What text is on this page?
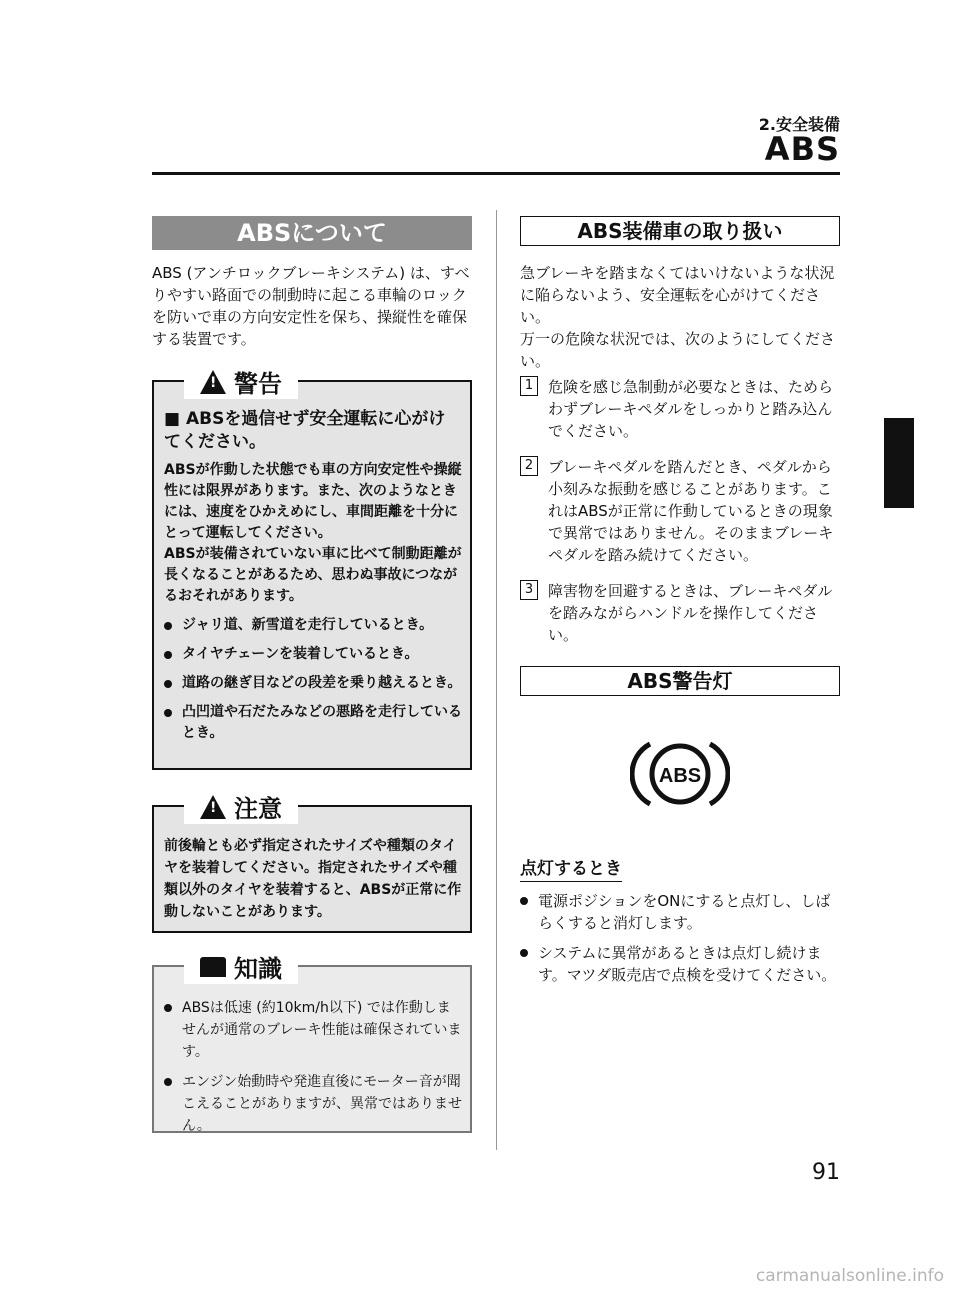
2.安全装備
ABS
ABSについて
ABS (アンチロックブレーキシステム) は、すべりやすい路面での制動時に起こる車輪のロックを防いで車の方向安定性を保ち、操縦性を確保する装置です。
!
警告
■ ABSを過信せず安全運転に心がけてください。
ABSが作動した状態でも車の方向安定性や操縦性には限界があります。また、次のようなときには、速度をひかえめにし、車間距離を十分にとって運転してください。
ABSが装備されていない車に比べて制動距離が長くなることがあるため、思わぬ事故につながるおそれがあります。
ジャリ道、新雪道を走行しているとき。
タイヤチェーンを装着しているとき。
道路の継ぎ目などの段差を乗り越えるとき。
凸凹道や石だたみなどの悪路を走行しているとき。
!
注意
前後輪とも必ず指定されたサイズや種類のタイヤを装着してください。指定されたサイズや種類以外のタイヤを装着すると、ABSが正常に作動しないことがあります。
知識
ABSは低速 (約10km/h以下) では作動しませんが通常のブレーキ性能は確保されています。
エンジン始動時や発進直後にモーター音が聞こえることがありますが、異常ではありません。
ABS装備車の取り扱い
急ブレーキを踏まなくてはいけないような状況に陥らないよう、安全運転を心がけてください。
万一の危険な状況では、次のようにしてください。
1 危険を感じ急制動が必要なときは、ためらわずブレーキペダルをしっかりと踏み込んでください。
2 ブレーキペダルを踏んだとき、ペダルから小刻みな振動を感じることがあります。これはABSが正常に作動しているときの現象で異常ではありません。そのままブレーキペダルを踏み続けてください。
3 障害物を回避するときは、ブレーキペダルを踏みながらハンドルを操作してください。
ABS警告灯
ABS
点灯するとき
電源ポジションをONにすると点灯し、しばらくすると消灯します。
システムに異常があるときは点灯し続けます。マツダ販売店で点検を受けてください。
91
carmanualsonline.info
